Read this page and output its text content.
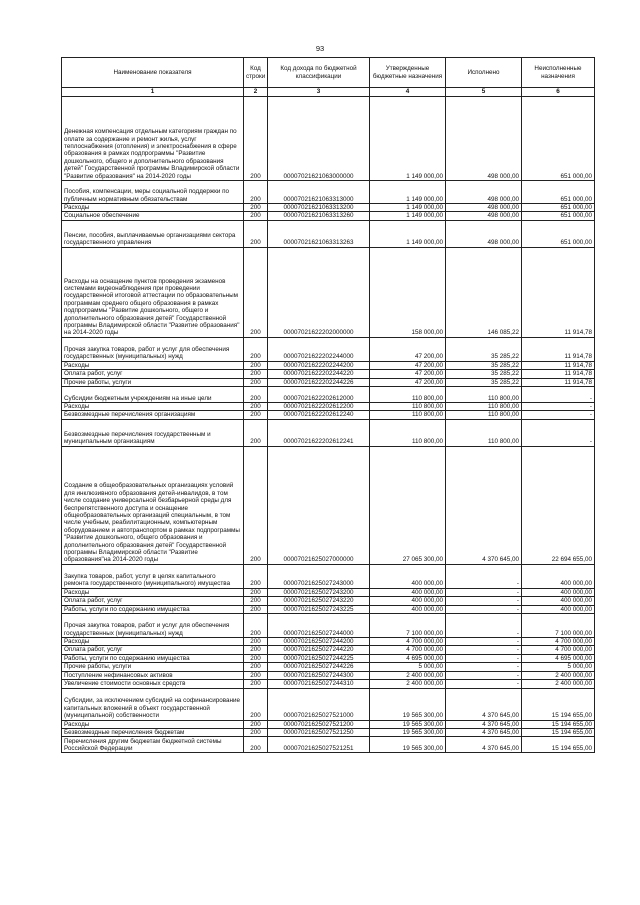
93
Наименование показателя	Код строки	Код дохода по бюджетной классификации	Утвержденные бюджетные назначения	Исполнено	Неисполненные назначения
1	2	3	4	5	6
Денежная компенсация отдельным категориям граждан по оплате за содержание и ремонт жилья, услуг теплоснабжения (отопления) и электроснабжения в сфере образования в рамках подпрограммы "Развитие дошкольного, общего и дополнительного образования детей" Государственной программы Владимирской области "Развитие образования" на 2014-2020 годы	200	00007021621063000000	1 149 000,00	498 000,00	651 000,00
Пособия, компенсации, меры социальной поддержки по публичным нормативным обязательствам	200	00007021621063313000	1 149 000,00	498 000,00	651 000,00
Расходы	200	00007021621063313200	1 149 000,00	498 000,00	651 000,00
Социальное обеспечение	200	00007021621063313260	1 149 000,00	498 000,00	651 000,00
Пенсии, пособия, выплачиваемые организациями сектора государственного управления	200	00007021621063313263	1 149 000,00	498 000,00	651 000,00
Расходы на оснащение пунктов проведения экзаменов системами видеонаблюдения при проведении государственной итоговой аттестации по образовательным программам среднего общего образования в рамках подпрограммы "Развитие дошкольного, общего и дополнительного образования детей" Государственной программы Владимирской области "Развитие образования" на 2014-2020 годы	200	00007021622202000000	158 000,00	146 085,22	11 914,78
Прочая закупка товаров, работ и услуг для обеспечения государственных (муниципальных) нужд	200	00007021622202244000	47 200,00	35 285,22	11 914,78
Расходы	200	00007021622202244200	47 200,00	35 285,22	11 914,78
Оплата работ, услуг	200	00007021622202244220	47 200,00	35 285,22	11 914,78
Прочие работы, услуги	200	00007021622202244226	47 200,00	35 285,22	11 914,78
Субсидии бюджетным учреждениям на иные цели	200	00007021622202612000	110 800,00	110 800,00	-
Расходы	200	00007021622202612200	110 800,00	110 800,00	-
Безвозмездные перечисления организациям	200	00007021622202612240	110 800,00	110 800,00	-
Безвозмездные перечисления государственным и муниципальным организациям	200	00007021622202612241	110 800,00	110 800,00	-
Создание в общеобразовательных организациях условий для инклюзивного образования детей-инвалидов, в том числе создание универсальной безбарьерной среды для беспрепятственного доступа и оснащение общеобразовательных организаций специальным, в том числе учебным, реабилитационным, компьютерным оборудованием и автотранспортом в рамках подпрограммы "Развитие дошкольного, общего образования и дополнительного образования детей" Государственной программы Владимирской области "Развитие образования"на 2014-2020 годы	200	00007021625027000000	27 065 300,00	4 370 645,00	22 694 655,00
Закупка товаров, работ, услуг в целях капитального ремонта государственного (муниципального) имущества	200	00007021625027243000	400 000,00	-	400 000,00
Расходы	200	00007021625027243200	400 000,00	-	400 000,00
Оплата работ, услуг	200	00007021625027243220	400 000,00	-	400 000,00
Работы, услуги по содержанию имущества	200	00007021625027243225	400 000,00	-	400 000,00
Прочая закупка товаров, работ и услуг для обеспечения государственных (муниципальных) нужд	200	00007021625027244000	7 100 000,00	-	7 100 000,00
Расходы	200	00007021625027244200	4 700 000,00	-	4 700 000,00
Оплата работ, услуг	200	00007021625027244220	4 700 000,00	-	4 700 000,00
Работы, услуги по содержанию имущества	200	00007021625027244225	4 695 000,00	-	4 695 000,00
Прочие работы, услуги	200	00007021625027244226	5 000,00	-	5 000,00
Поступление нефинансовых активов	200	00007021625027244300	2 400 000,00	-	2 400 000,00
Увеличение стоимости основных средств	200	00007021625027244310	2 400 000,00	-	2 400 000,00
Субсидии, за исключением субсидий на софинансирование капитальных вложений в объект государственной (муниципальной) собственности	200	00007021625027521000	19 565 300,00	4 370 645,00	15 194 655,00
Расходы	200	00007021625027521200	19 565 300,00	4 370 645,00	15 194 655,00
Безвозмездные перечисления бюджетам	200	00007021625027521250	19 565 300,00	4 370 645,00	15 194 655,00
Перечисления другим бюджетам бюджетной системы Российской Федерации	200	00007021625027521251	19 565 300,00	4 370 645,00	15 194 655,00
